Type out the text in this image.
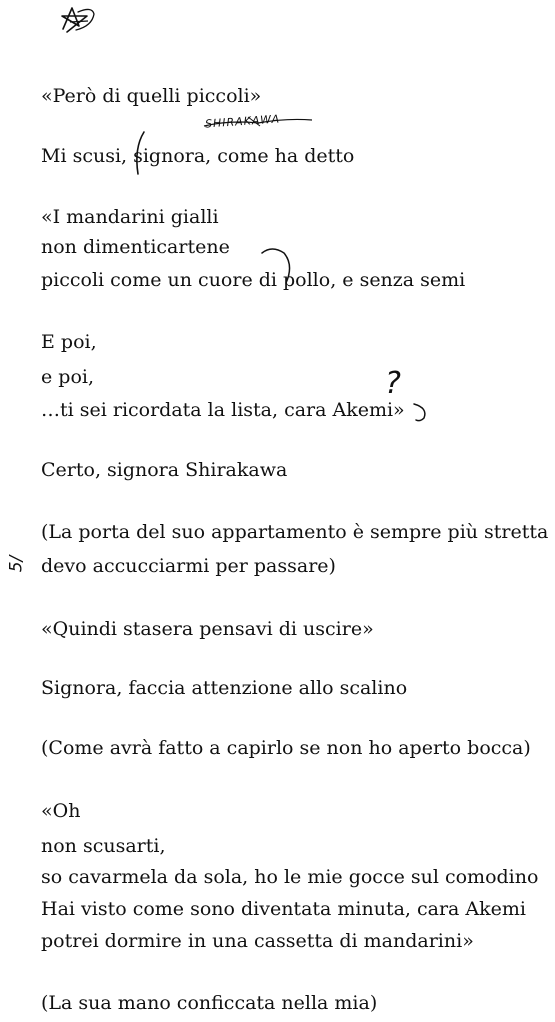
«Però di quelli piccoli»

SHIRAKAWA

Mi scusi, signora, come ha detto

«I mandarini gialli

non dimenticartene

piccoli come un cuore di pollo, e senza semi

E poi,

e poi,

…ti sei ricordata la lista, cara Akemi»

?

Certo, signora Shirakawa

(La porta del suo appartamento è sempre più stretta

5/ devo accucciarmi per passare)

«Quindi stasera pensavi di uscire»

Signora, faccia attenzione allo scalino

(Come avrà fatto a capirlo se non ho aperto bocca)

«Oh

non scusarti,

so cavarmela da sola, ho le mie gocce sul comodino

Hai visto come sono diventata minuta, cara Akemi

potrei dormire in una cassetta di mandarini»

(La sua mano conficcata nella mia)
